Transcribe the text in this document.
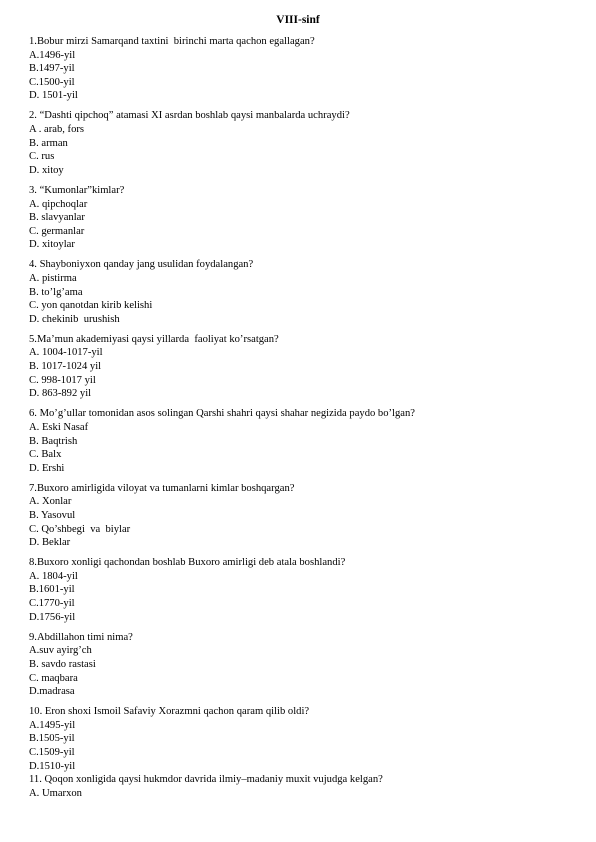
VIII-sinf
1.Bobur mirzi Samarqand taxtini  birinchi marta qachon egallagan?
A.1496-yil
B.1497-yil
C.1500-yil
D. 1501-yil
2. “Dashti qipchoq” atamasi XI asrdan boshlab qaysi manbalarda uchraydi?
A . arab, fors
B. arman
C. rus
D. xitoy
3. “Kumonlar”kimlar?
A. qipchoqlar
B. slavyanlar
C. germanlar
D. xitoylar
4. Shayboniyxon qanday jang usulidan foydalangan?
A. pistirma
B. to’lg’ama
C. yon qanotdan kirib kelishi
D. chekinib  urushish
5.Ma’mun akademiyasi qaysi yillarda  faoliyat ko’rsatgan?
A. 1004-1017-yil
B. 1017-1024 yil
C. 998-1017 yil
D. 863-892 yil
6. Mo’g’ullar tomonidan asos solingan Qarshi shahri qaysi shahar negizida paydo bo’lgan?
A. Eski Nasaf
B. Baqtrish
C. Balx
D. Ershi
7.Buxoro amirligida viloyat va tumanlarni kimlar boshqargan?
A. Xonlar
B. Yasovul
C. Qo’shbegi  va  biylar
D. Beklar
8.Buxoro xonligi qachondan boshlab Buxoro amirligi deb atala boshlandi?
A. 1804-yil
B.1601-yil
C.1770-yil
D.1756-yil
9.Abdillahon timi nima?
A.suv ayirg’ch
B. savdo rastasi
C. maqbara
D.madrasa
10. Eron shoxi Ismoil Safaviy Xorazmni qachon qaram qilib oldi?
A.1495-yil
B.1505-yil
C.1509-yil
D.1510-yil
11. Qoqon xonligida qaysi hukmdor davrida ilmiy–madaniy muxit vujudga kelgan?
A. Umarxon
